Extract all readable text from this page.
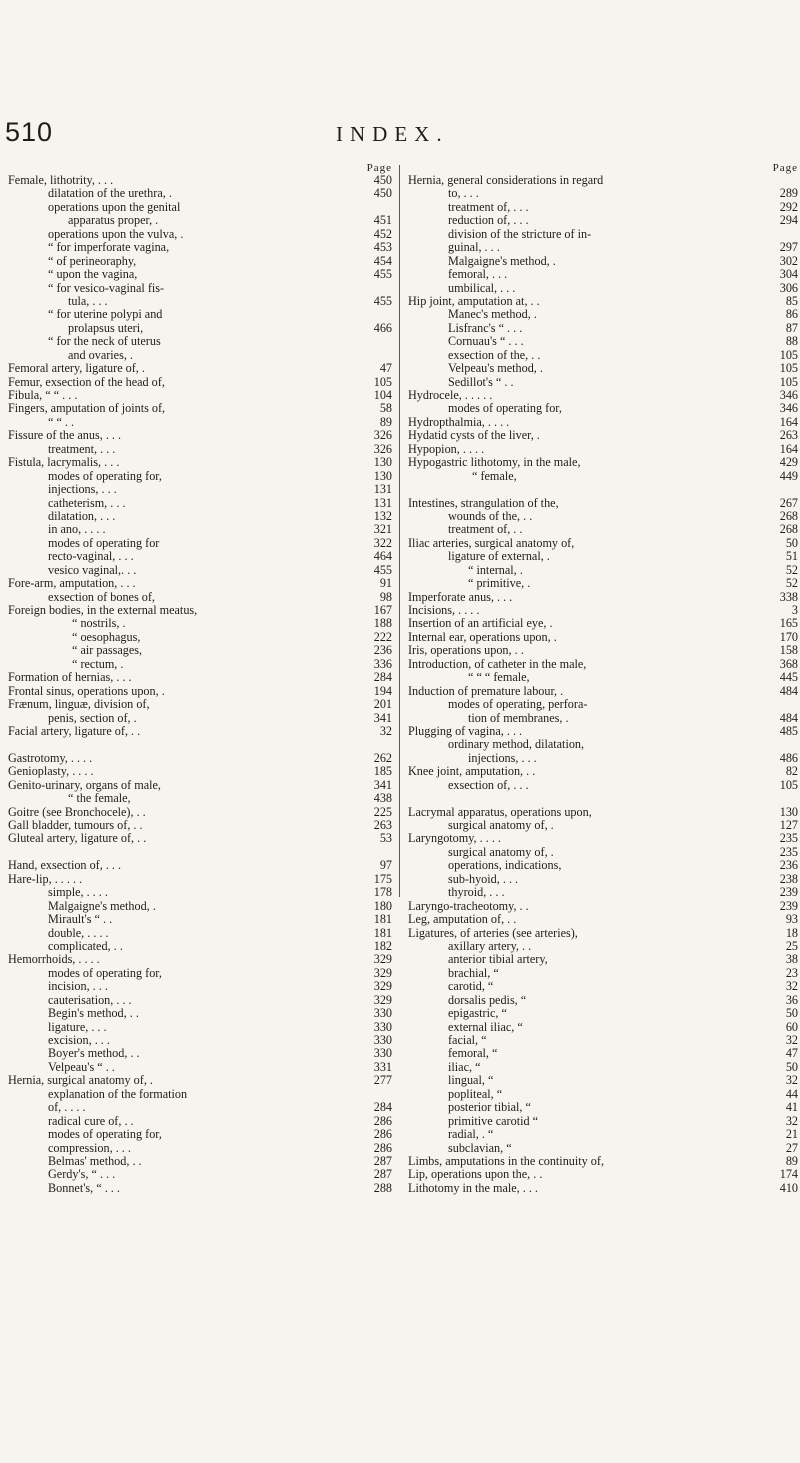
510	INDEX.
Page
Female, lithotrity, . . .	450
dilatation of the urethra, .	450
operations upon the genital
apparatus proper, .	451
operations upon the vulva, .	452
“ for imperforate vagina,	453
“ of perineoraphy,	454
“ upon the vagina,	455
“ for vesico-vaginal fis-
tula, . . .	455
“ for uterine polypi and
prolapsus uteri,	466
“ for the neck of uterus
and ovaries, .
Femoral artery, ligature of, .	47
Femur, exsection of the head of,	105
Fibula, “ “ . . .	104
Fingers, amputation of joints of,	58
“ “ . .	89
Fissure of the anus, . . .	326
treatment, . . .	326
Fistula, lacrymalis, . . .	130
modes of operating for,	130
injections, . . .	131
catheterism, . . .	131
dilatation, . . .	132
in ano, . . . .	321
modes of operating for	322
recto-vaginal, . . .	464
vesico vaginal,. . .	455
Fore-arm, amputation, . . .	91
exsection of bones of,	98
Foreign bodies, in the external meatus,	167
“ nostrils, .	188
“ oesophagus,	222
“ air passages,	236
“ rectum, .	336
Formation of hernias, . . .	284
Frontal sinus, operations upon, .	194
Frænum, linguæ, division of,	201
penis, section of, .	341
Facial artery, ligature of, . .	32
Gastrotomy, . . . .	262
Genioplasty, . . . .	185
Genito-urinary, organs of male,	341
“ the female,	438
Goitre (see Bronchocele), . .	225
Gall bladder, tumours of, . .	263
Gluteal artery, ligature of, . .	53
Hand, exsection of, . . .	97
Hare-lip, . . . . .	175
simple, . . . .	178
Malgaigne's method, .	180
Mirault's “ . .	181
double, . . . .	181
complicated, . .	182
Hemorrhoids, . . . .	329
modes of operating for,	329
incision, . . .	329
cauterisation, . . .	329
Begin's method, . .	330
ligature, . . .	330
excision, . . .	330
Boyer's method, . .	330
Velpeau's “ . .	331
Hernia, surgical anatomy of, .	277
explanation of the formation
of, . . . .	284
radical cure of, . .	286
modes of operating for,	286
compression, . . .	286
Belmas' method, . .	287
Gerdy's, “ . . .	287
Bonnet's, “ . . .	288
Page
Hernia, general considerations in regard
to, . . .	289
treatment of, . . .	292
reduction of, . . .	294
division of the stricture of in-
guinal, . . .	297
Malgaigne's method, .	302
femoral, . . .	304
umbilical, . . .	306
Hip joint, amputation at, . .	85
Manec's method, .	86
Lisfranc's “ . . .	87
Cornuau's “ . . .	88
exsection of the, . .	105
Velpeau's method, .	105
Sedillot's “ . .	105
Hydrocele, . . . . .	346
modes of operating for,	346
Hydropthalmia, . . . .	164
Hydatid cysts of the liver, .	263
Hypopion, . . . .	164
Hypogastric lithotomy, in the male,	429
“ female,	449
Intestines, strangulation of the,	267
wounds of the, . .	268
treatment of, . .	268
Iliac arteries, surgical anatomy of,	50
ligature of external, .	51
“ internal, .	52
“ primitive, .	52
Imperforate anus, . . .	338
Incisions, . . . .	3
Insertion of an artificial eye, .	165
Internal ear, operations upon, .	170
Iris, operations upon, . .	158
Introduction, of catheter in the male,	368
“ “ “ female,	445
Induction of premature labour, .	484
modes of operating, perfora-
tion of membranes, .	484
Plugging of vagina, . . .	485
ordinary method, dilatation,
injections, . . .	486
Knee joint, amputation, . .	82
exsection of, . . .	105
Lacrymal apparatus, operations upon,	130
surgical anatomy of, .	127
Laryngotomy, . . . .	235
surgical anatomy of, .	235
operations, indications,	236
sub-hyoid, . . .	238
thyroid, . . .	239
Laryngo-tracheotomy, . .	239
Leg, amputation of, . .	93
Ligatures, of arteries (see arteries),	18
axillary artery, . .	25
anterior tibial artery,	38
brachial, “	23
carotid, “	32
dorsalis pedis, “	36
epigastric, “	50
external iliac, “	60
facial, “	32
femoral, “	47
iliac, “	50
lingual, “	32
popliteal, “	44
posterior tibial, “	41
primitive carotid “	32
radial, . “	21
subclavian, “	27
Limbs, amputations in the continuity of,	89
Lip, operations upon the, . .	174
Lithotomy in the male, . . .	410
